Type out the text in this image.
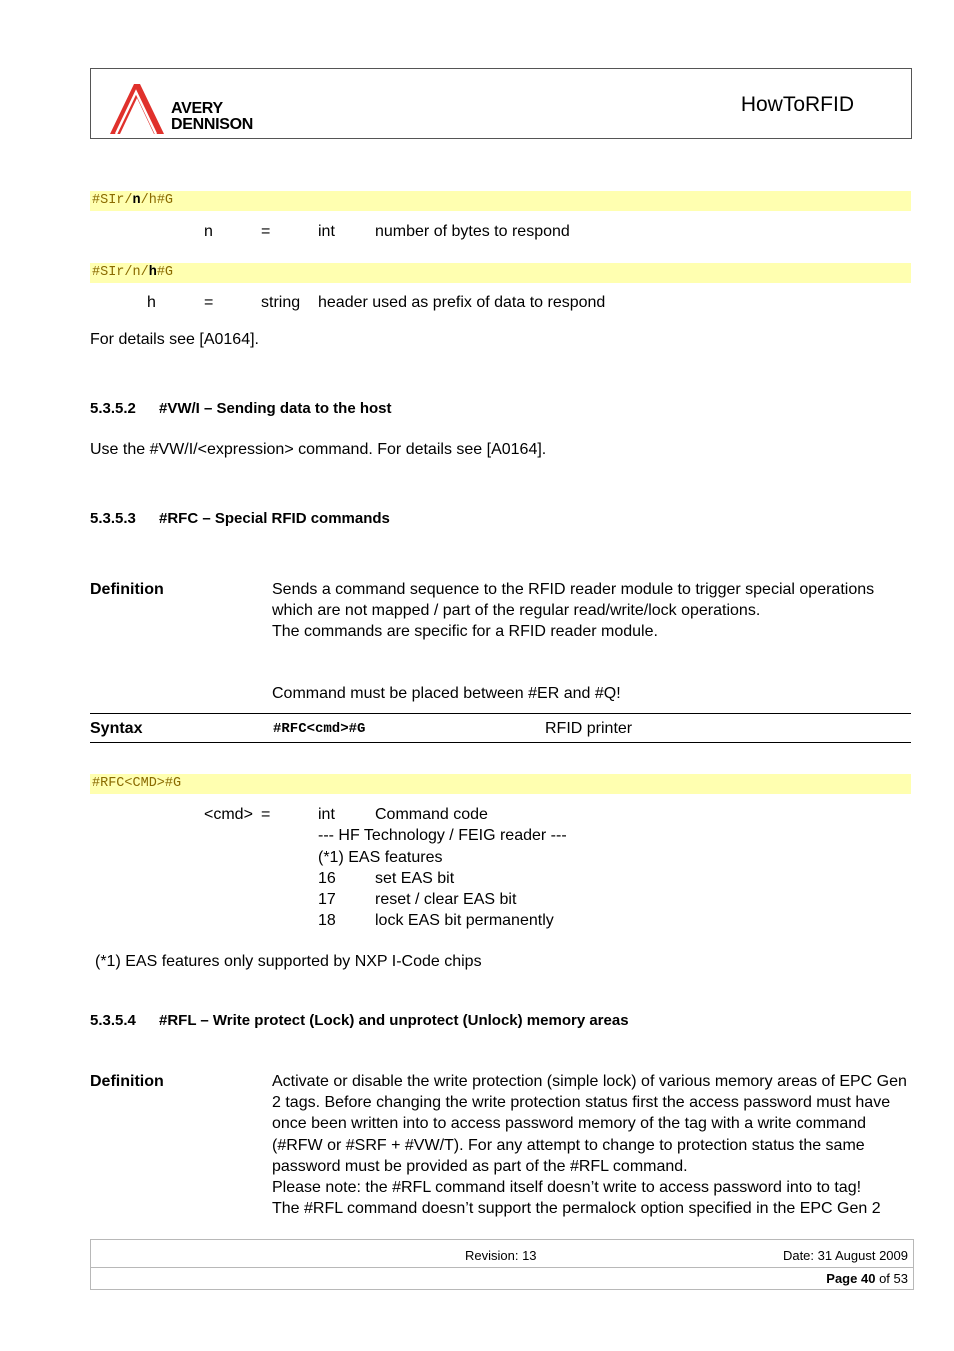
AVERY
DENNISON
HowToRFID
#SIr/n/h#G
n	=	int	number of bytes to respond
#SIr/n/h#G
h	=	string header used as prefix of data to respond
For details see [A0164].
5.3.5.2 #VW/I – Sending data to the host
Use the #VW/I/<expression> command. For details see [A0164].
5.3.5.3 #RFC – Special RFID commands
Definition	Sends a command sequence to the RFID reader module to trigger special operations
which are not mapped / part of the regular read/write/lock operations.
The commands are specific for a RFID reader module.
Command must be placed between #ER and #Q!
Syntax	#RFC<cmd>#G	RFID printer
#RFC<CMD>#G
<cmd> =	int	Command code
--- HF Technology / FEIG reader ---
(*1) EAS features
16 set EAS bit
17 reset / clear EAS bit
18 lock EAS bit permanently
(*1) EAS features only supported by NXP I-Code chips
5.3.5.4 #RFL – Write protect (Lock) and unprotect (Unlock) memory areas
Definition	Activate or disable the write protection (simple lock) of various memory areas of EPC Gen
2 tags. Before changing the write protection status first the access password must have
once been written into to access password memory of the tag with a write command
(#RFW or #SRF + #VW/T). For any attempt to change to protection status the same
password must be provided as part of the #RFL command.
Please note: the #RFL command itself doesn’t write to access password into to tag!
The #RFL command doesn’t support the permalock option specified in the EPC Gen 2
Revision: 13	Date: 31 August 2009
Page 40 of 53
